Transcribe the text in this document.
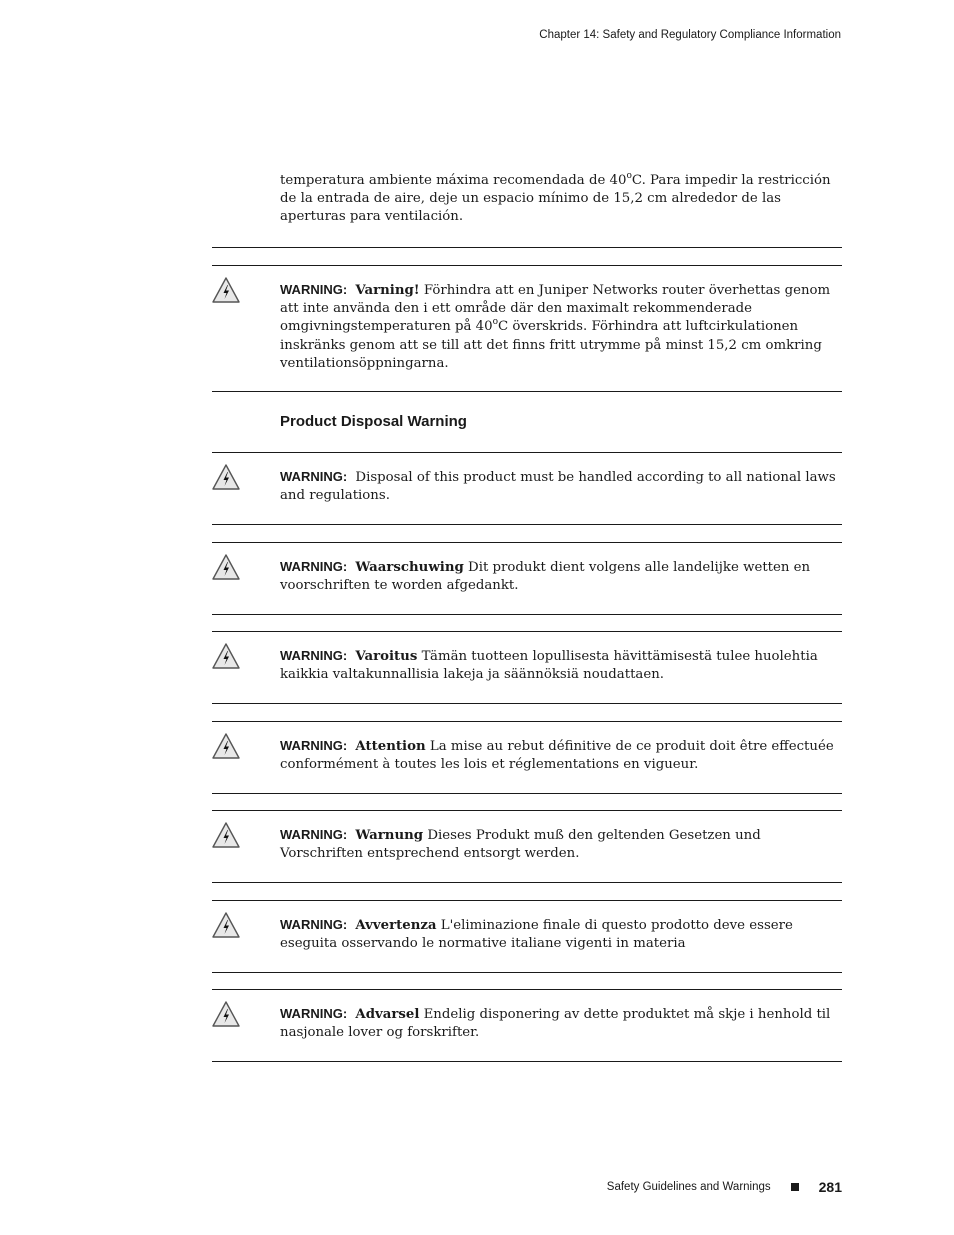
Chapter 14: Safety and Regulatory Compliance Information
temperatura ambiente máxima recomendada de 40$^o$C. Para impedir la restricción de la entrada de aire, deje un espacio mínimo de 15,2 cm alrededor de las aperturas para ventilación.
WARNING: Varning! Förhindra att en Juniper Networks router överhettas genom att inte använda den i ett område där den maximalt rekommenderade omgivningstemperaturen på 40$^o$C överskrids. Förhindra att luftcirkulationen inskränks genom att se till att det finns fritt utrymme på minst 15,2 cm omkring ventilationsöppningarna.
Product Disposal Warning
WARNING: Disposal of this product must be handled according to all national laws and regulations.
WARNING: Waarschuwing Dit produkt dient volgens alle landelijke wetten en voorschriften te worden afgedankt.
WARNING: Varoitus Tämän tuotteen lopullisesta hävittämisestä tulee huolehtia kaikkia valtakunnallisia lakeja ja säännöksiä noudattaen.
WARNING: Attention La mise au rebut définitive de ce produit doit être effectuée conformément à toutes les lois et réglementations en vigueur.
WARNING: Warnung Dieses Produkt muß den geltenden Gesetzen und Vorschriften entsprechend entsorgt werden.
WARNING: Avvertenza L'eliminazione finale di questo prodotto deve essere eseguita osservando le normative italiane vigenti in materia
WARNING: Advarsel Endelig disponering av dette produktet må skje i henhold til nasjonale lover og forskrifter.
Safety Guidelines and Warnings	281
